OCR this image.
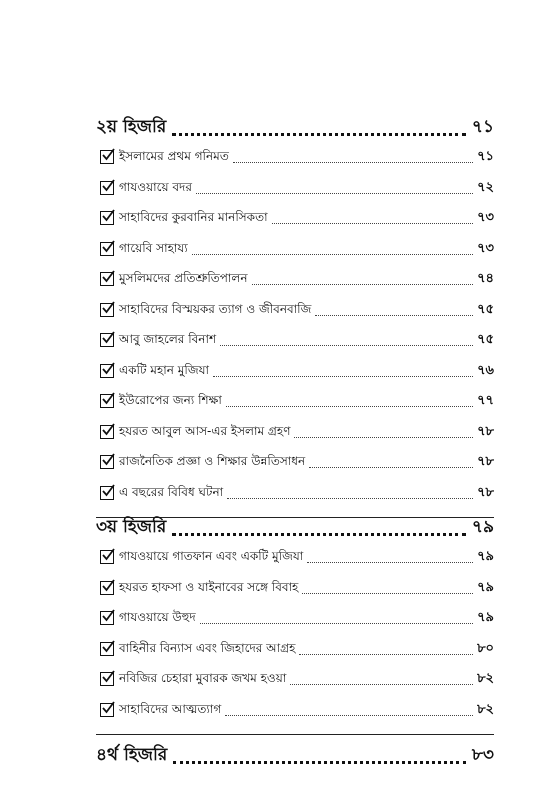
২য় হিজরি	৭১
ইসলামের প্রথম গনিমত	৭১
গাযওয়ায়ে বদর	৭২
সাহাবিদের কুরবানির মানসিকতা	৭৩
গায়েবি সাহায্য	৭৩
মুসলিমদের প্রতিশ্রুতিপালন	৭৪
সাহাবিদের বিস্ময়কর ত্যাগ ও জীবনবাজি	৭৫
আবু জাহলের বিনাশ	৭৫
একটি মহান মুজিযা	৭৬
ইউরোপের জন্য শিক্ষা	৭৭
হযরত আবুল আস-এর ইসলাম গ্রহণ	৭৮
রাজনৈতিক প্রজ্ঞা ও শিক্ষার উন্নতিসাধন	৭৮
এ বছরের বিবিধ ঘটনা	৭৮
৩য় হিজরি	৭৯
গাযওয়ায়ে গাতফান এবং একটি মুজিযা	৭৯
হযরত হাফসা ও যাইনাবের সঙ্গে বিবাহ	৭৯
গাযওয়ায়ে উহুদ	৭৯
বাহিনীর বিন্যাস এবং জিহাদের আগ্রহ	৮০
নবিজির চেহারা মুবারক জখম হওয়া	৮২
সাহাবিদের আত্মত্যাগ	৮২
৪র্থ হিজরি	৮৩
